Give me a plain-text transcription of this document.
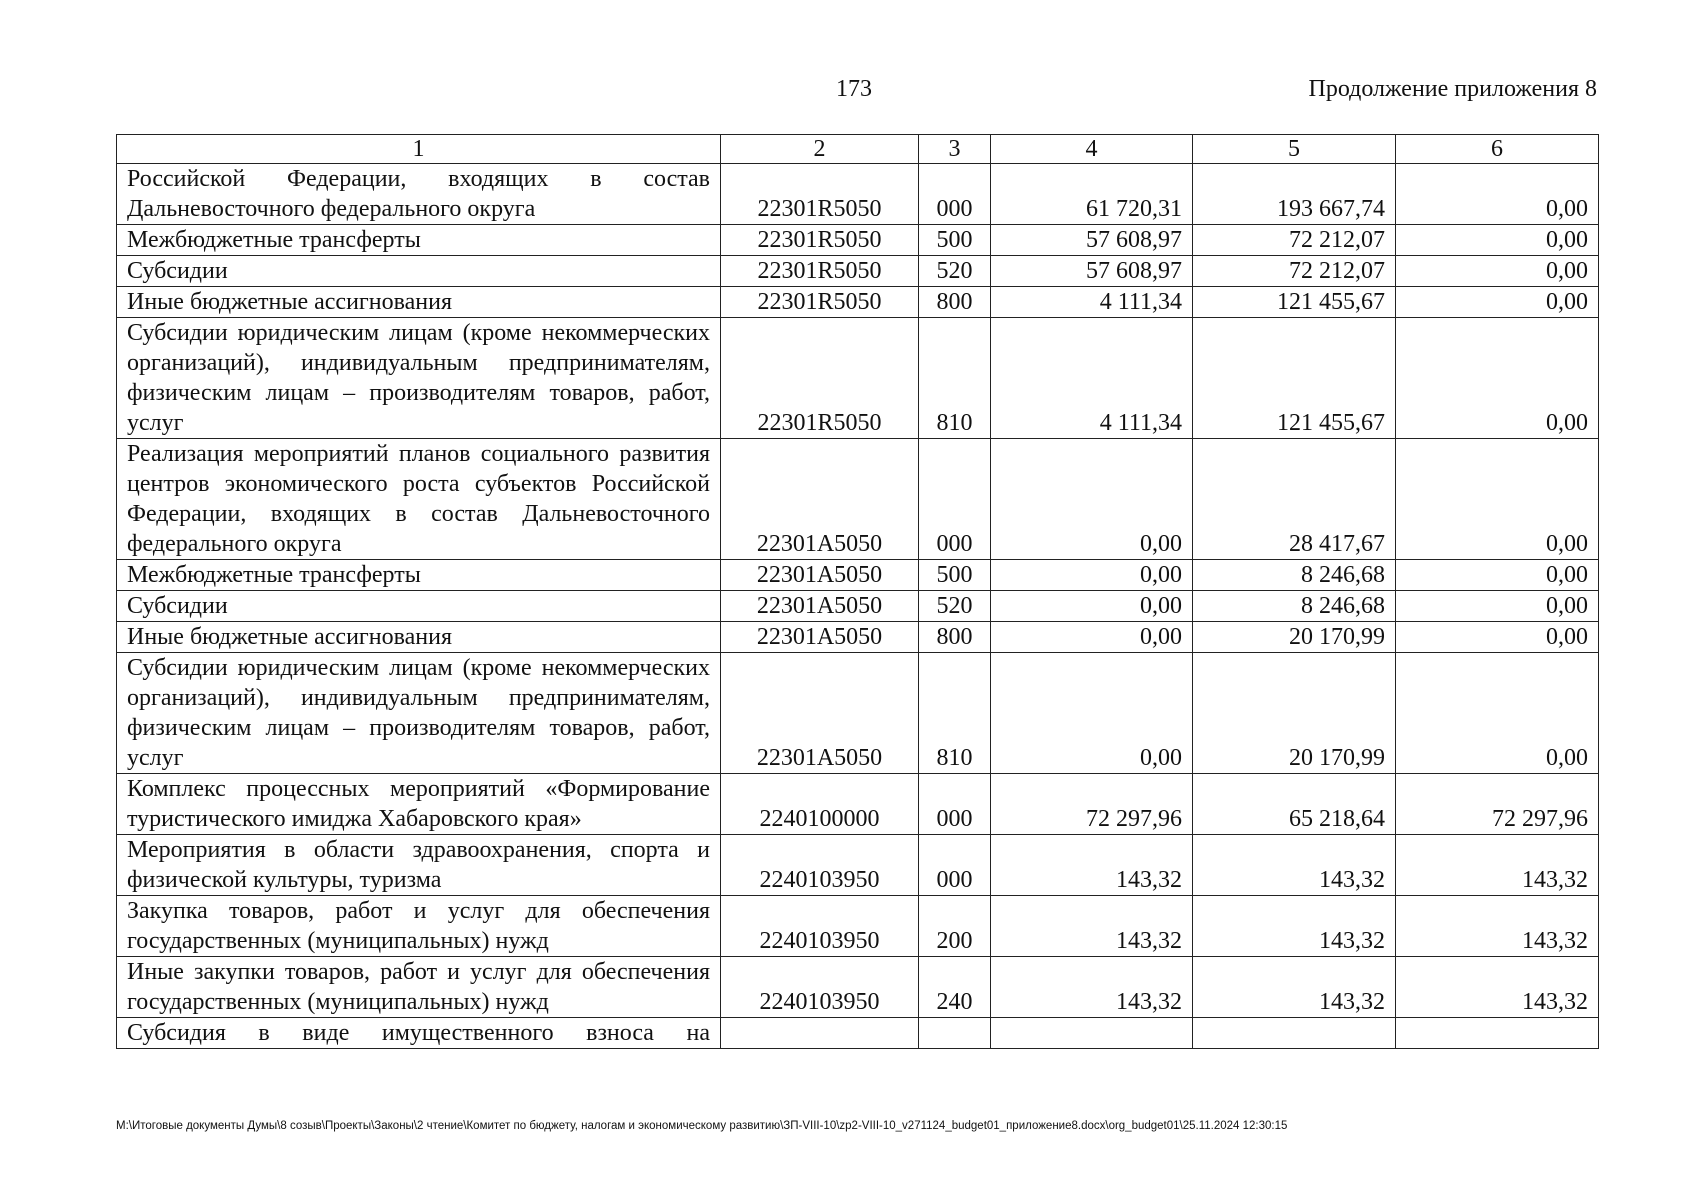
173	Продолжение приложения 8
1	2	3	4	5	6
Российской Федерации, входящих в состав Дальневосточного федерального округа	22301R5050	000	61 720,31	193 667,74	0,00
Межбюджетные трансферты	22301R5050	500	57 608,97	72 212,07	0,00
Субсидии	22301R5050	520	57 608,97	72 212,07	0,00
Иные бюджетные ассигнования	22301R5050	800	4 111,34	121 455,67	0,00
Субсидии юридическим лицам (кроме некоммерческих организаций), индивидуальным предпринимателям, физическим лицам – производителям товаров, работ, услуг	22301R5050	810	4 111,34	121 455,67	0,00
Реализация мероприятий планов социального развития центров экономического роста субъектов Российской Федерации, входящих в состав Дальневосточного федерального округа	22301A5050	000	0,00	28 417,67	0,00
Межбюджетные трансферты	22301A5050	500	0,00	8 246,68	0,00
Субсидии	22301A5050	520	0,00	8 246,68	0,00
Иные бюджетные ассигнования	22301A5050	800	0,00	20 170,99	0,00
Субсидии юридическим лицам (кроме некоммерческих организаций), индивидуальным предпринимателям, физическим лицам – производителям товаров, работ, услуг	22301A5050	810	0,00	20 170,99	0,00
Комплекс процессных мероприятий «Формирование туристического имиджа Хабаровского края»	2240100000	000	72 297,96	65 218,64	72 297,96
Мероприятия в области здравоохранения, спорта и физической культуры, туризма	2240103950	000	143,32	143,32	143,32
Закупка товаров, работ и услуг для обеспечения государственных (муниципальных) нужд	2240103950	200	143,32	143,32	143,32
Иные закупки товаров, работ и услуг для обеспечения государственных (муниципальных) нужд	2240103950	240	143,32	143,32	143,32
Субсидия в виде имущественного взноса на					
M:\Итоговые документы Думы\8 созыв\Проекты\Законы\2 чтение\Комитет по бюджету, налогам и экономическому развитию\ЗП-VIII-10\zp2-VIII-10_v271124_budget01_приложение8.docx\org_budget01\25.11.2024 12:30:15
